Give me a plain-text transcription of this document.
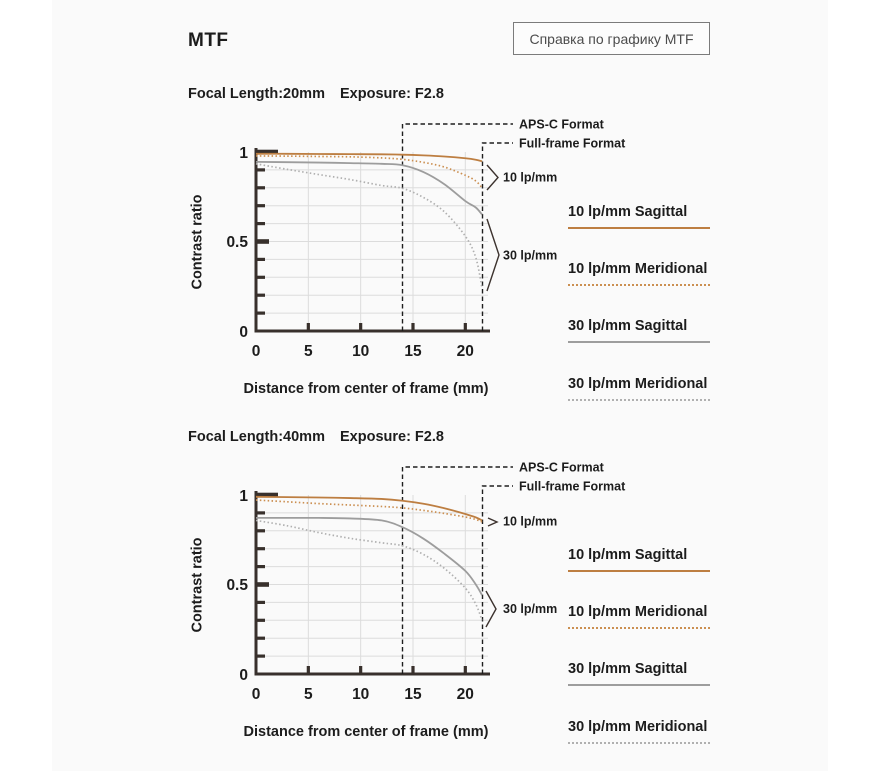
MTF	Справка по графику MTF
Focal Length:20mm Exposure: F2.8
1
0.5
0
0	5	10 15 20
Contrast ratio
Distance from center of frame (mm)
APS-C Format
Full-frame Format
10 lp/mm
30 lp/mm
10 lp/mm Sagittal
10 lp/mm Meridional
30 lp/mm Sagittal
30 lp/mm Meridional
Focal Length:40mm Exposure: F2.8
1
0.5
0
0	5	10 15 20
Contrast ratio
Distance from center of frame (mm)
APS-C Format
Full-frame Format
10 lp/mm
30 lp/mm
10 lp/mm Sagittal
10 lp/mm Meridional
30 lp/mm Sagittal
30 lp/mm Meridional
